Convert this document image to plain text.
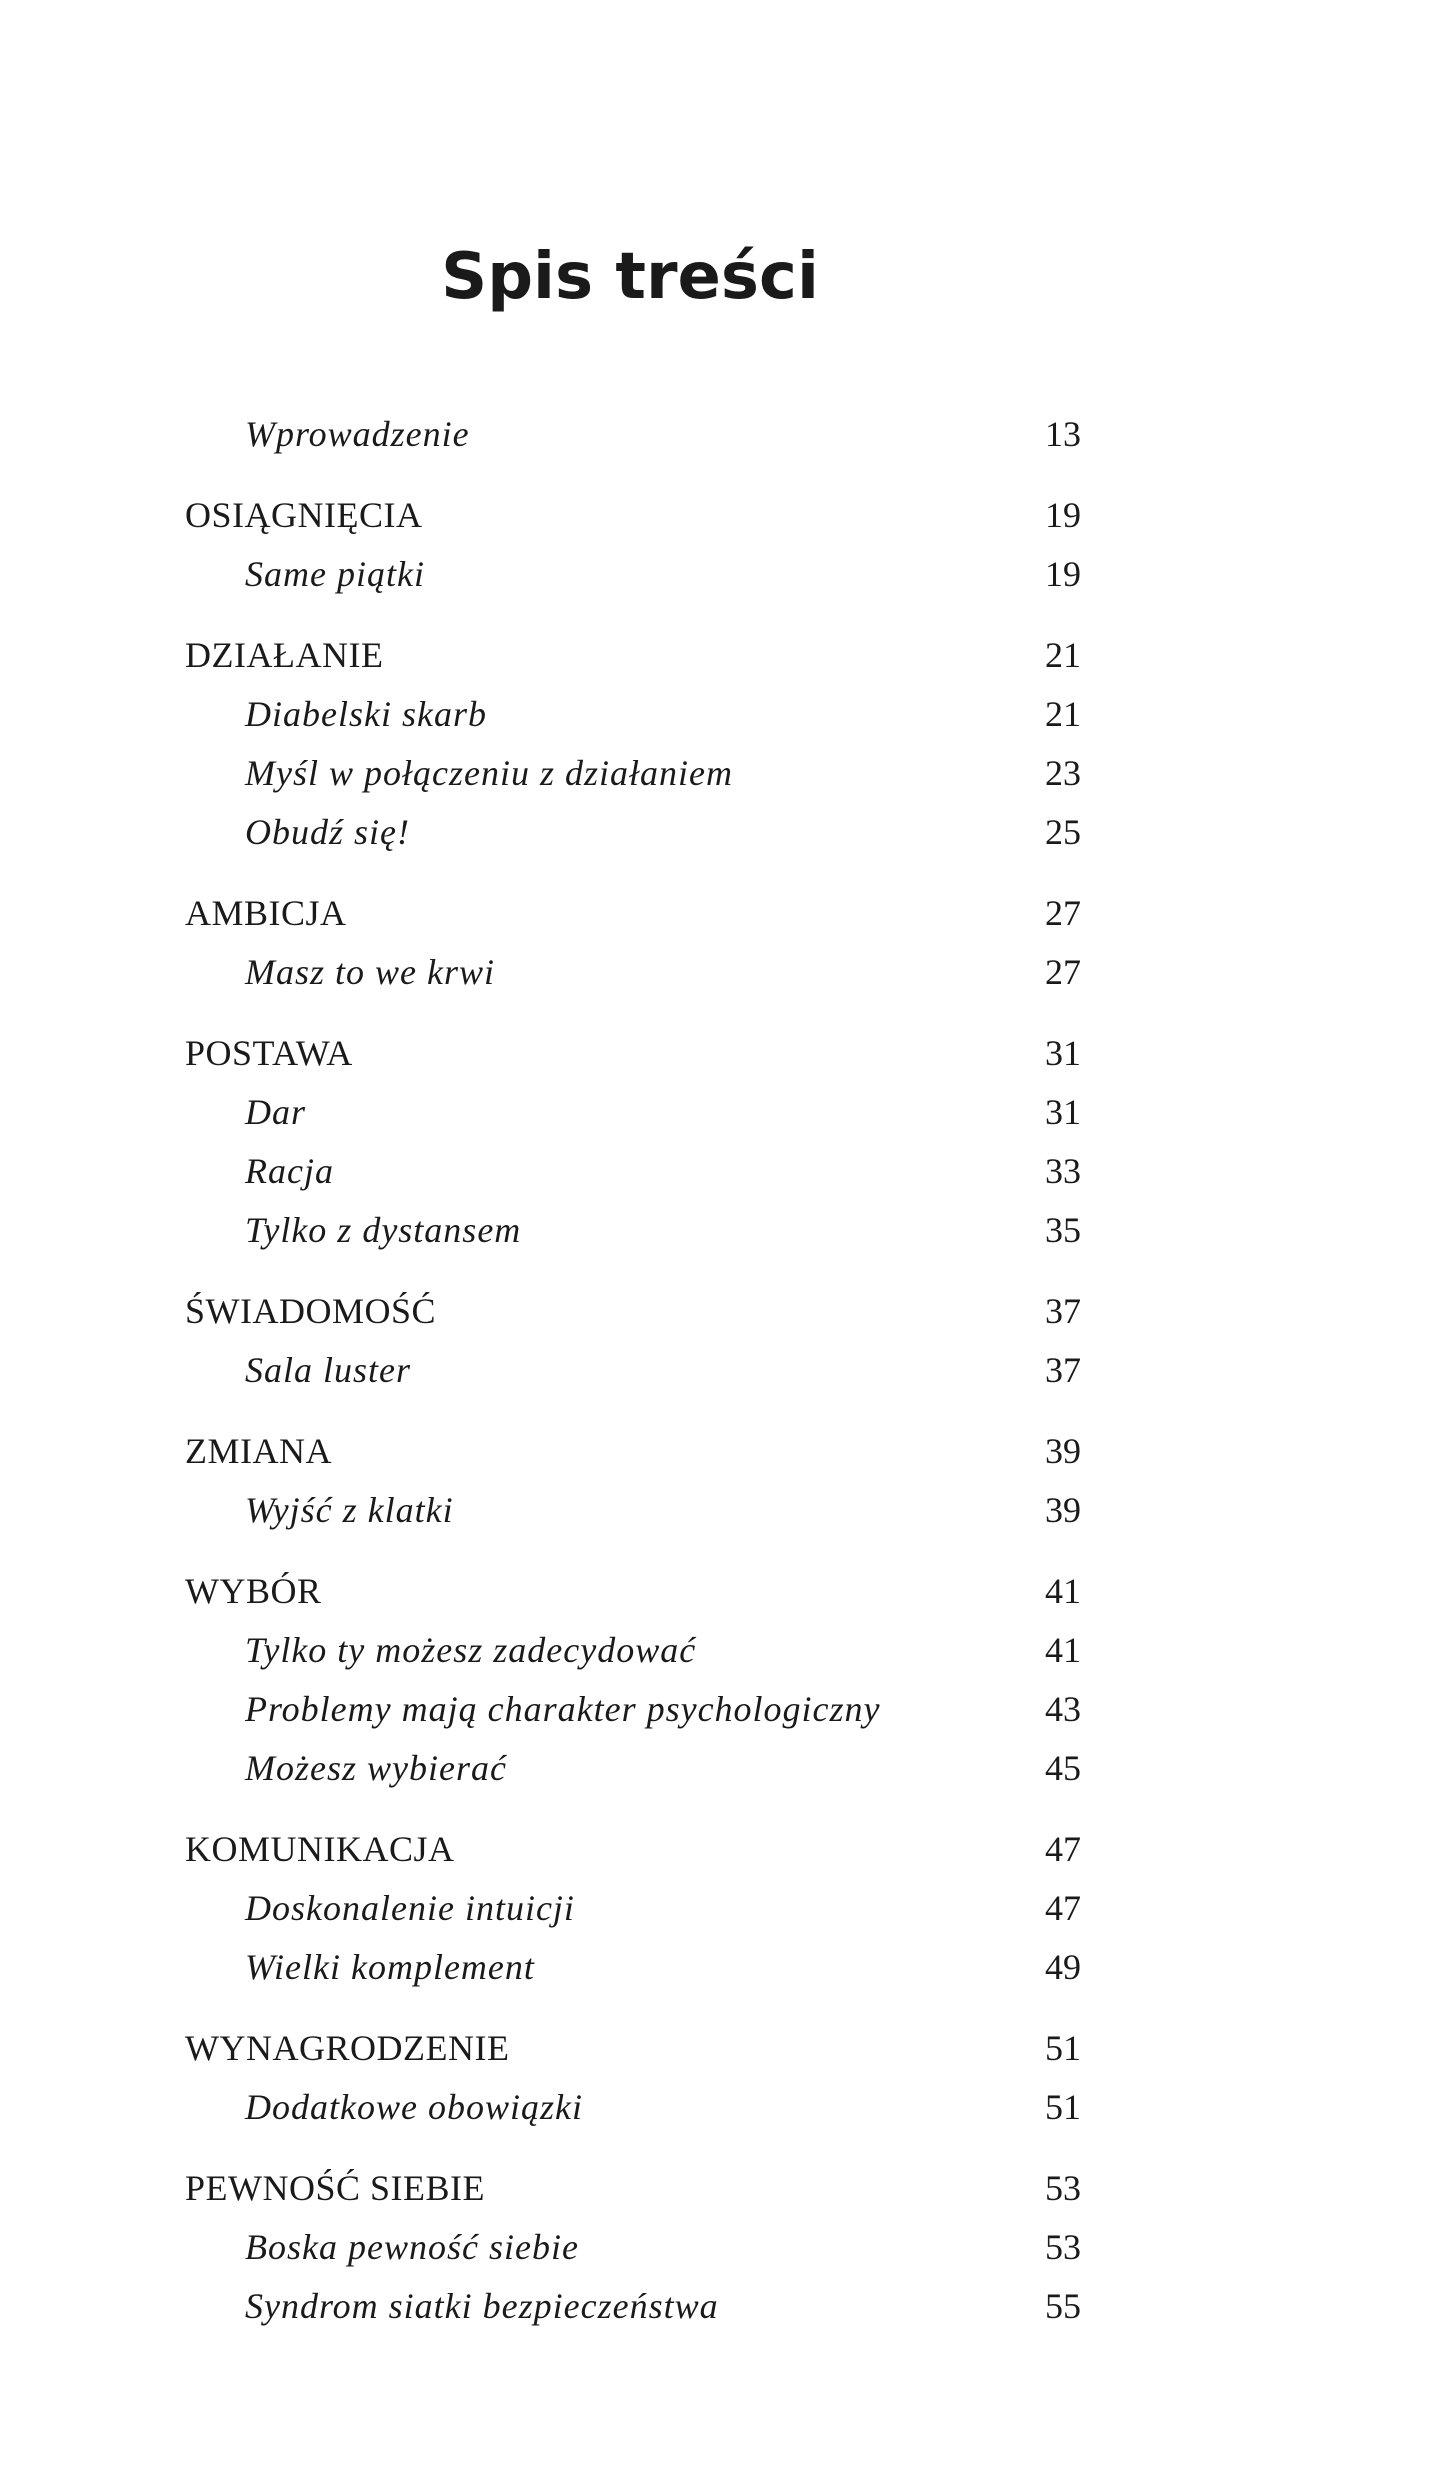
Spis treści
Wprowadzenie	13
OSIĄGNIĘCIA	19
Same piątki	19
DZIAŁANIE	21
Diabelski skarb	21
Myśl w połączeniu z działaniem	23
Obudź się!	25
AMBICJA	27
Masz to we krwi	27
POSTAWA	31
Dar	31
Racja	33
Tylko z dystansem	35
ŚWIADOMOŚĆ	37
Sala luster	37
ZMIANA	39
Wyjść z klatki	39
WYBÓR	41
Tylko ty możesz zadecydować	41
Problemy mają charakter psychologiczny	43
Możesz wybierać	45
KOMUNIKACJA	47
Doskonalenie intuicji	47
Wielki komplement	49
WYNAGRODZENIE	51
Dodatkowe obowiązki	51
PEWNOŚĆ SIEBIE	53
Boska pewność siebie	53
Syndrom siatki bezpieczeństwa	55
